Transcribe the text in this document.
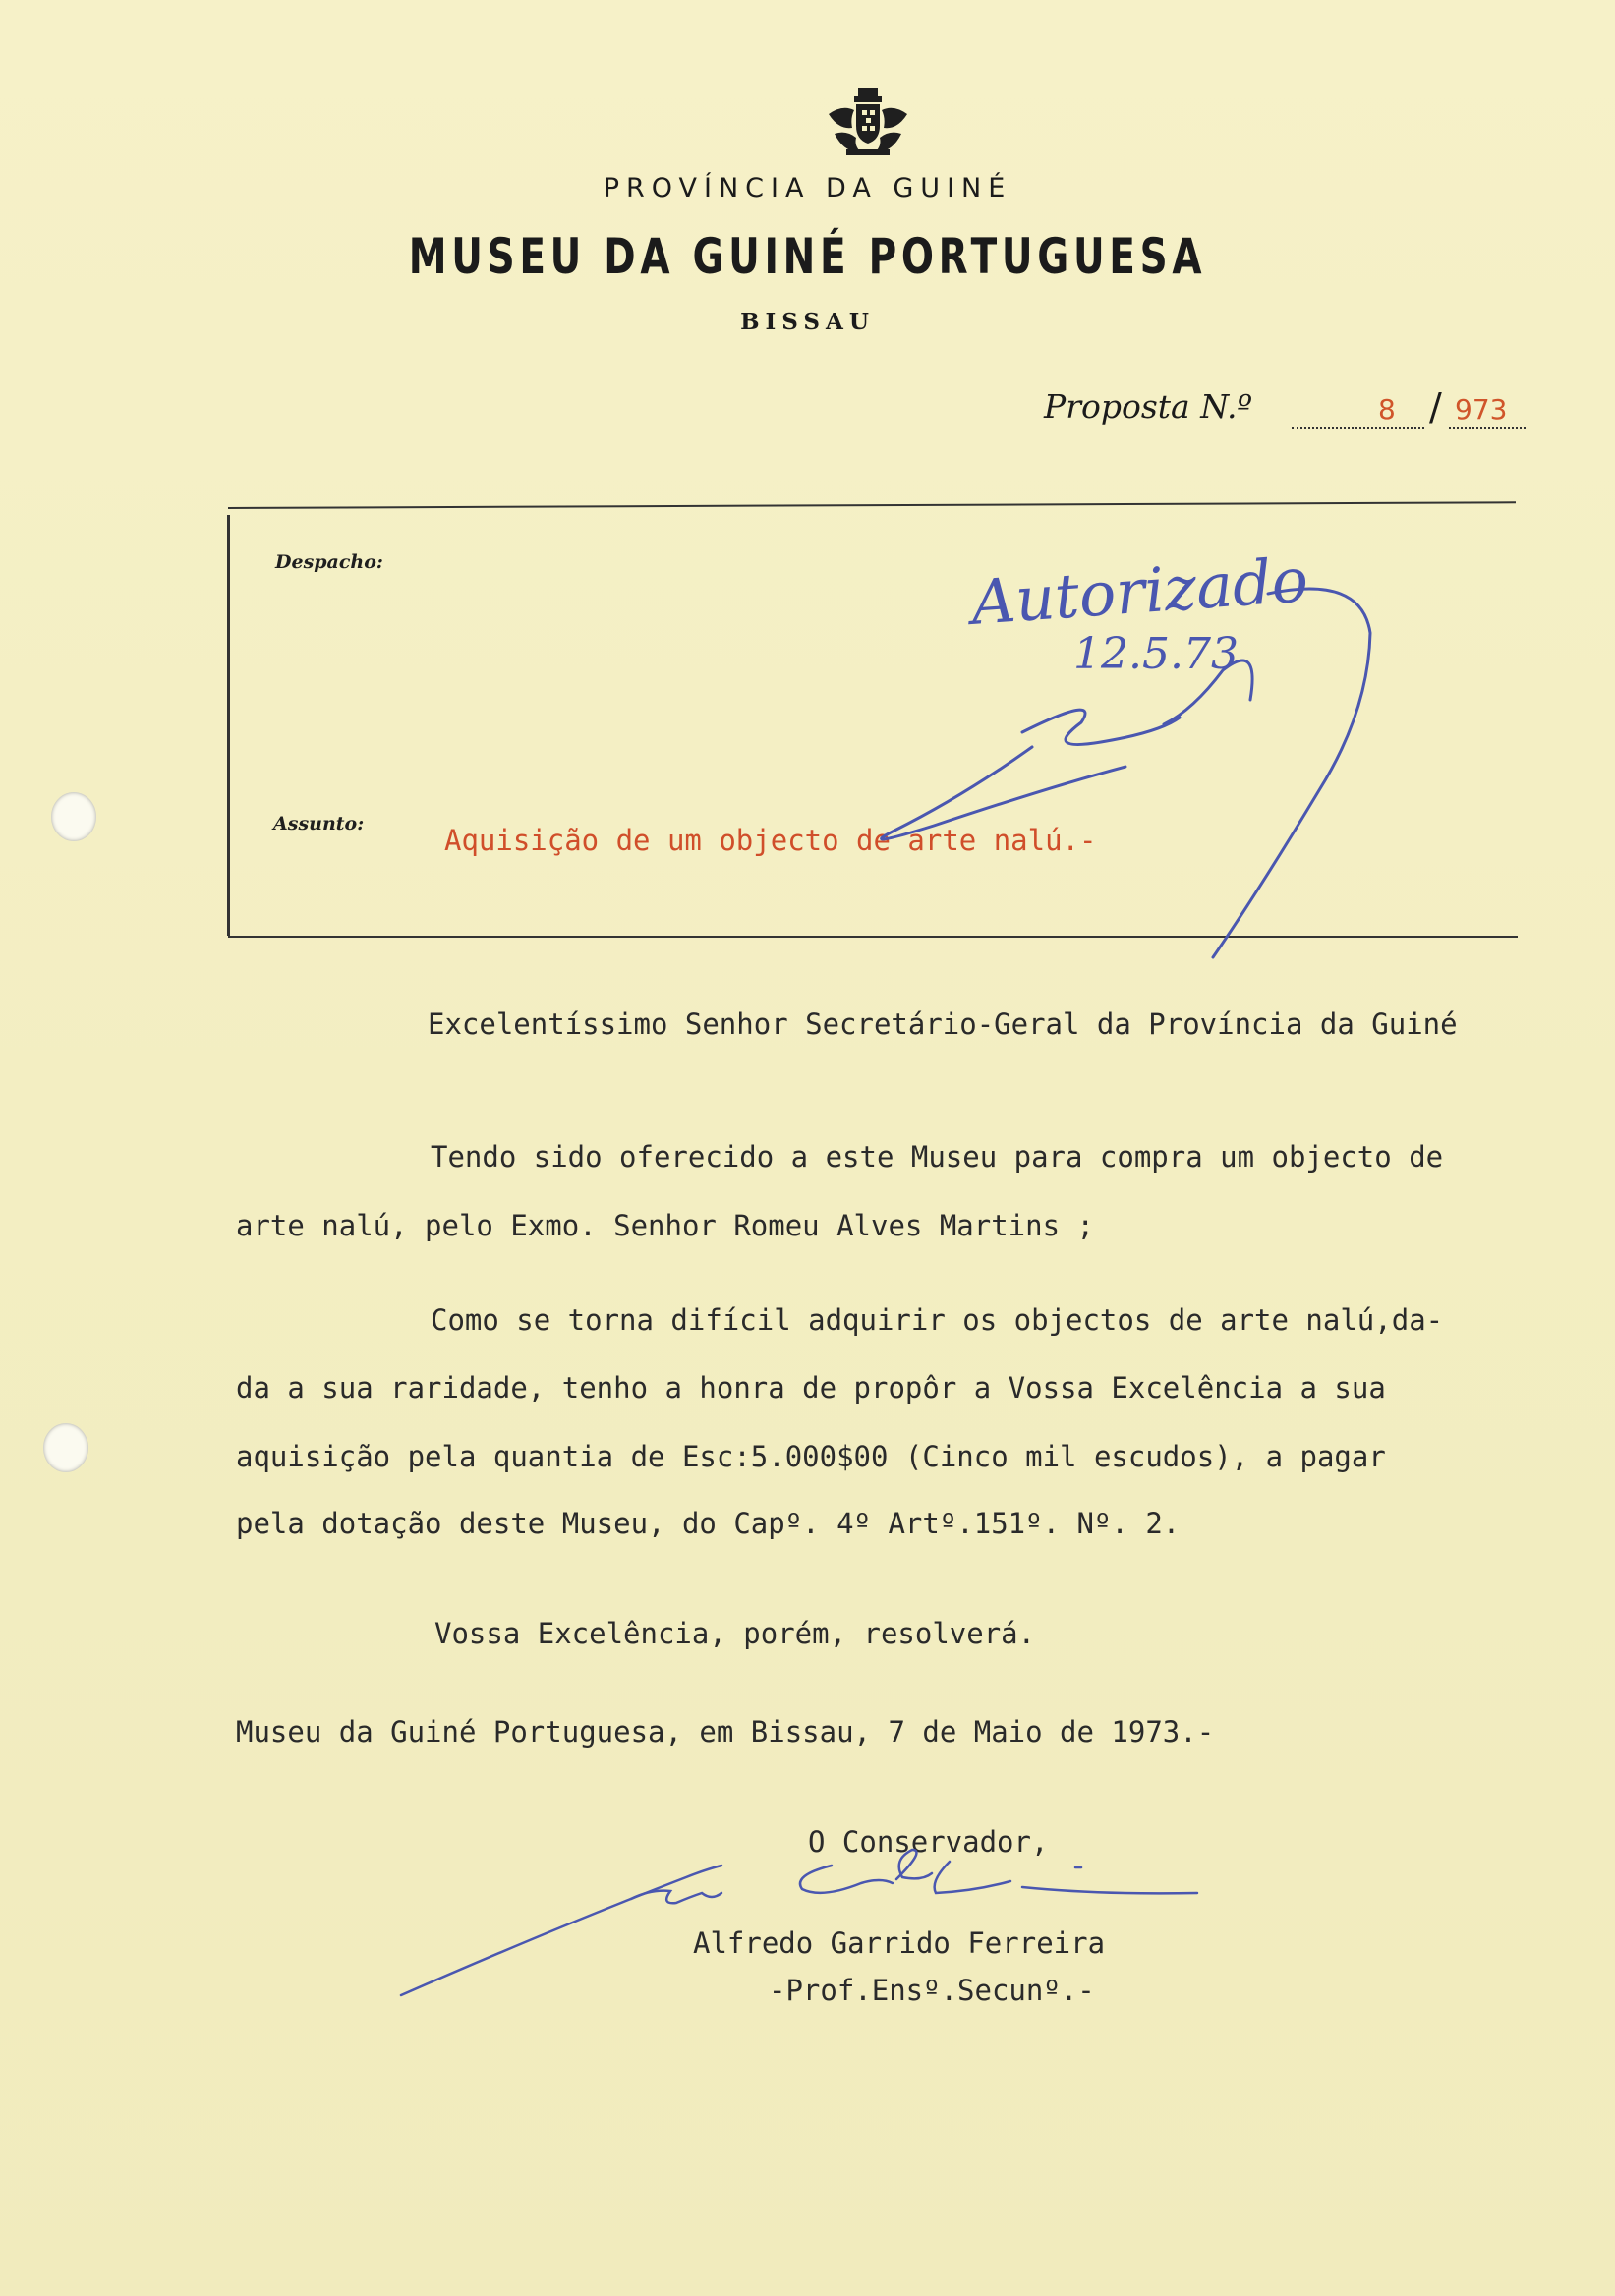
PROVÍNCIA DA GUINÉ
MUSEU DA GUINÉ PORTUGUESA
BISSAU
Proposta N.º	8 / 973
Despacho:
Assunto:	Aquisição de um objecto de arte nalú.-
Autorizado
12.5.73
Excelentíssimo Senhor Secretário-Geral da Província da Guiné
Tendo sido oferecido a este Museu para compra um objecto de
arte nalú, pelo Exmo. Senhor Romeu Alves Martins ;
Como se torna difícil adquirir os objectos de arte nalú,da-
da a sua raridade, tenho a honra de propôr a Vossa Excelência a sua
aquisição pela quantia de Esc:5.000$00 (Cinco mil escudos), a pagar
pela dotação deste Museu, do Capº. 4º Artº.151º. Nº. 2.
Vossa Excelência, porém, resolverá.
Museu da Guiné Portuguesa, em Bissau, 7 de Maio de 1973.-
O Conservador,
Alfredo Garrido Ferreira
-Prof.Ensº.Secunº.-
